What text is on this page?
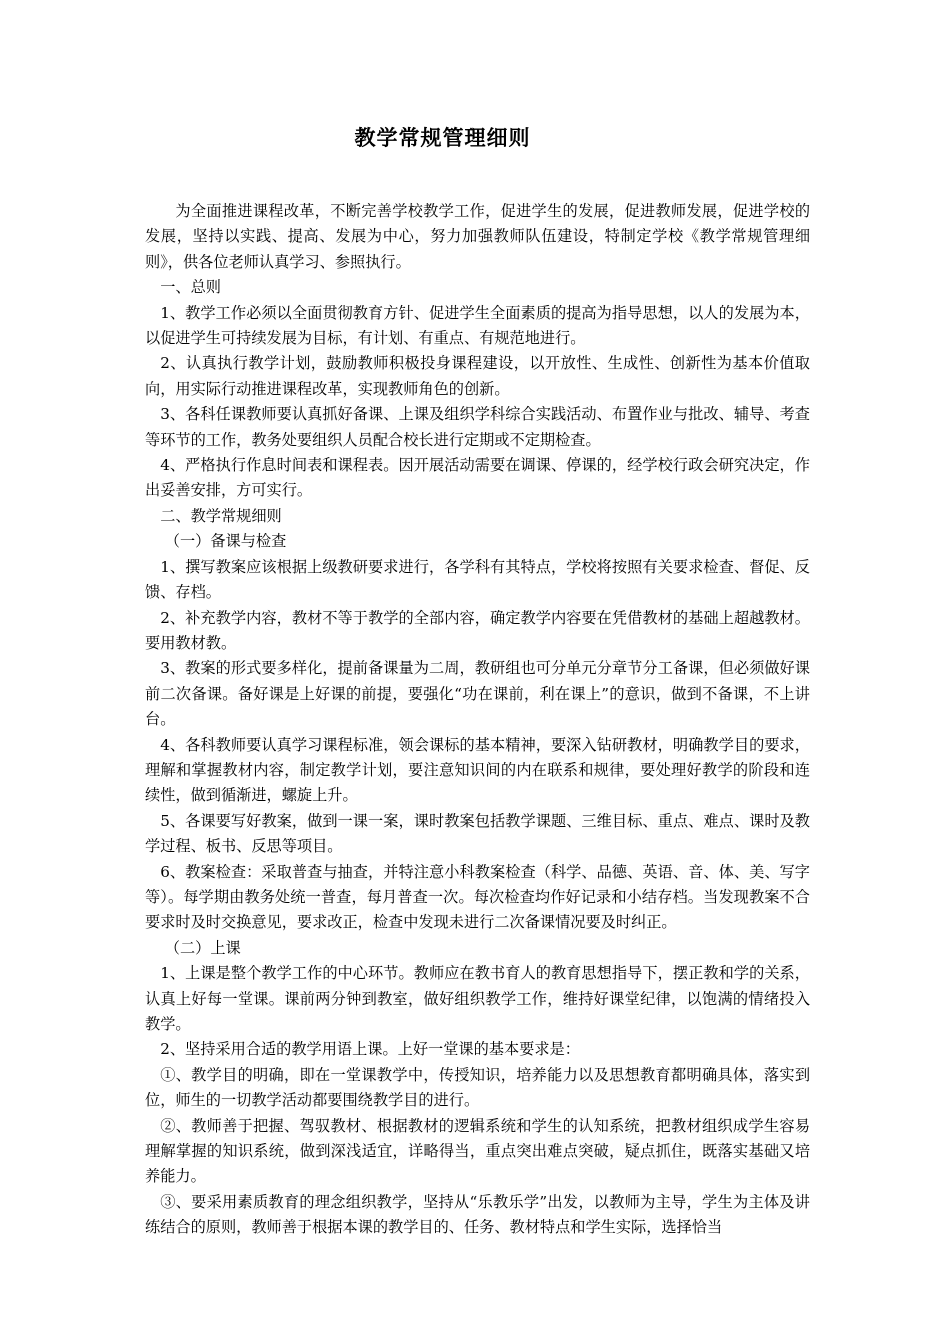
教学常规管理细则

为全面推进课程改革，不断完善学校教学工作，促进学生的发展，促进教师发展，促进学校的发展，坚持以实践、提高、发展为中心，努力加强教师队伍建设，特制定学校《教学常规管理细则》，供各位老师认真学习、参照执行。

一、总则

1、教学工作必须以全面贯彻教育方针、促进学生全面素质的提高为指导思想，以人的发展为本，以促进学生可持续发展为目标，有计划、有重点、有规范地进行。

2、认真执行教学计划，鼓励教师积极投身课程建设，以开放性、生成性、创新性为基本价值取向，用实际行动推进课程改革，实现教师角色的创新。

3、各科任课教师要认真抓好备课、上课及组织学科综合实践活动、布置作业与批改、辅导、考查等环节的工作，教务处要组织人员配合校长进行定期或不定期检查。

4、严格执行作息时间表和课程表。因开展活动需要在调课、停课的，经学校行政会研究决定，作出妥善安排，方可实行。

二、教学常规细则

（一）备课与检查

1、撰写教案应该根据上级教研要求进行，各学科有其特点，学校将按照有关要求检查、督促、反馈、存档。

2、补充教学内容，教材不等于教学的全部内容，确定教学内容要在凭借教材的基础上超越教材。要用教材教。

3、教案的形式要多样化，提前备课量为二周，教研组也可分单元分章节分工备课，但必须做好课前二次备课。备好课是上好课的前提，要强化“功在课前，利在课上”的意识，做到不备课，不上讲台。

4、各科教师要认真学习课程标准，领会课标的基本精神，要深入钻研教材，明确教学目的要求，理解和掌握教材内容，制定教学计划，要注意知识间的内在联系和规律，要处理好教学的阶段和连续性，做到循渐进，螺旋上升。

5、各课要写好教案，做到一课一案，课时教案包括教学课题、三维目标、重点、难点、课时及教学过程、板书、反思等项目。

6、教案检查：采取普查与抽查，并特注意小科教案检查（科学、品德、英语、音、体、美、写字等）。每学期由教务处统一普查，每月普查一次。每次检查均作好记录和小结存档。当发现教案不合要求时及时交换意见，要求改正，检查中发现未进行二次备课情况要及时纠正。

（二）上课

1、上课是整个教学工作的中心环节。教师应在教书育人的教育思想指导下，摆正教和学的关系，认真上好每一堂课。课前两分钟到教室，做好组织教学工作，维持好课堂纪律，以饱满的情绪投入教学。

2、坚持采用合适的教学用语上课。上好一堂课的基本要求是：

①、教学目的明确，即在一堂课教学中，传授知识，培养能力以及思想教育都明确具体，落实到位，师生的一切教学活动都要围绕教学目的进行。

②、教师善于把握、驾驭教材、根据教材的逻辑系统和学生的认知系统，把教材组织成学生容易理解掌握的知识系统，做到深浅适宜，详略得当，重点突出难点突破，疑点抓住，既落实基础又培养能力。

③、要采用素质教育的理念组织教学，坚持从“乐教乐学”出发，以教师为主导，学生为主体及讲练结合的原则，教师善于根据本课的教学目的、任务、教材特点和学生实际，选择恰当
